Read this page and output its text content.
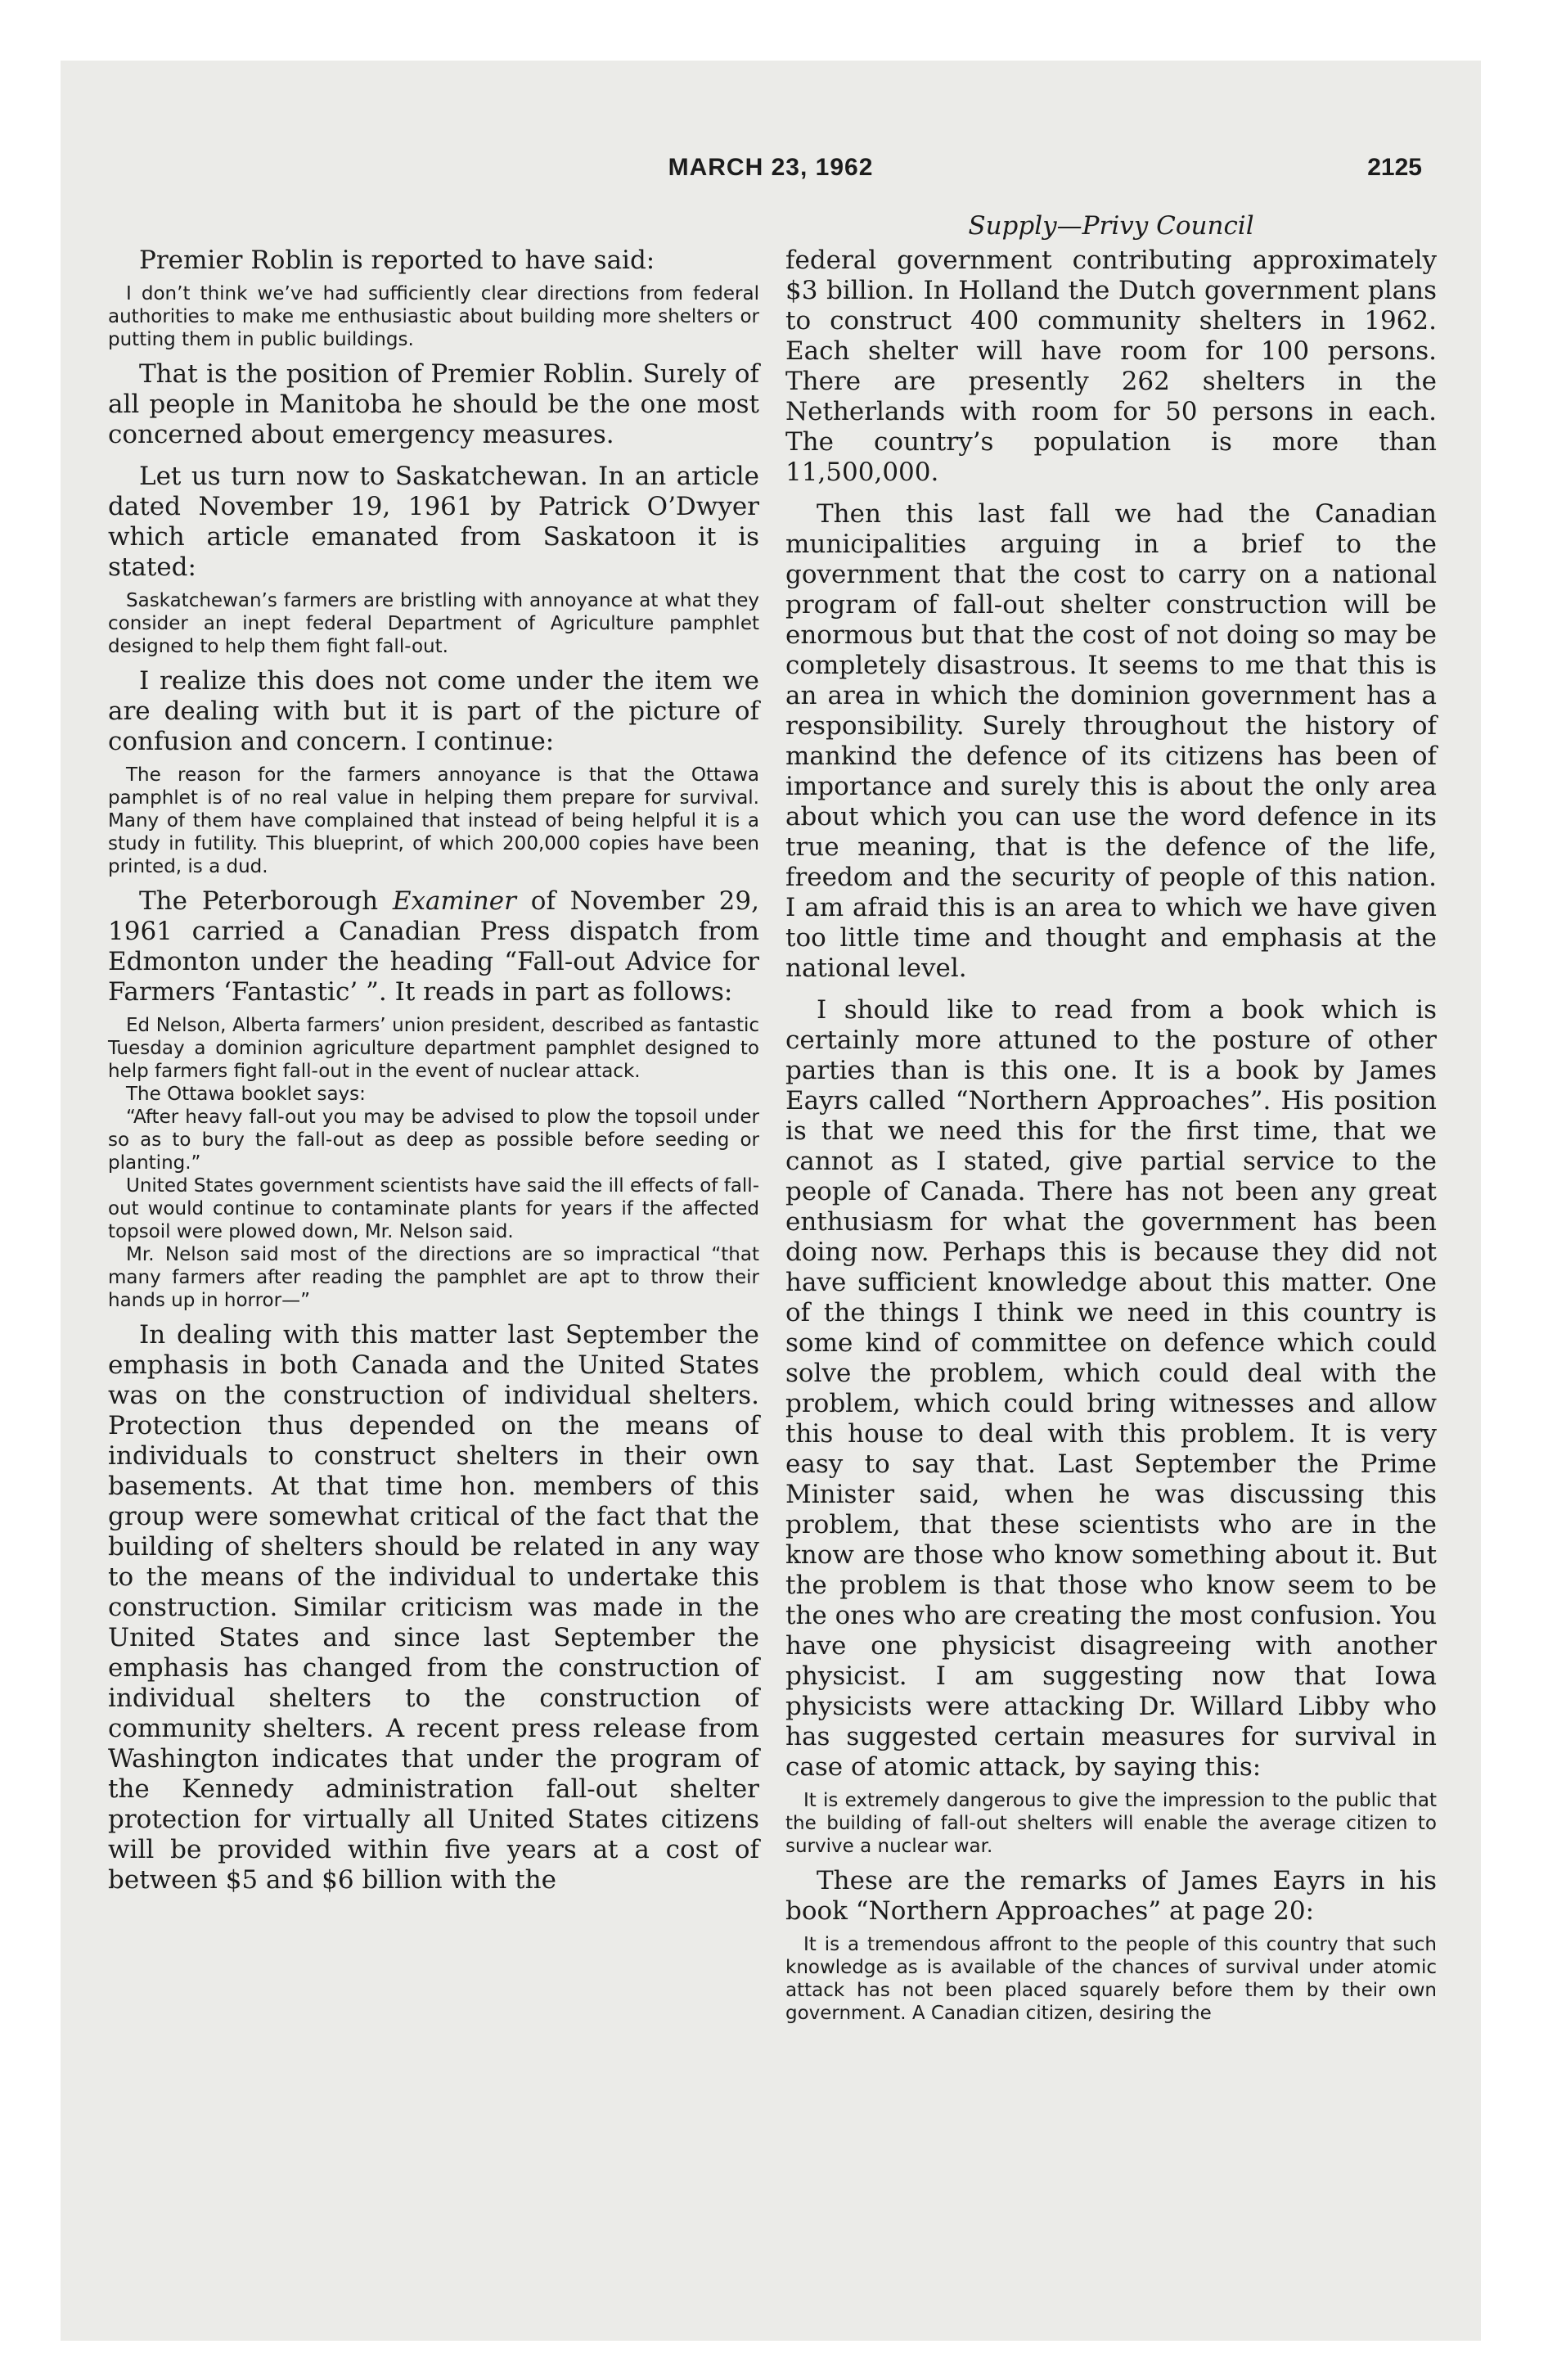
MARCH 23, 1962	2125
Supply—Privy Council

Premier Roblin is reported to have said:

I don’t think we’ve had sufficiently clear directions from federal authorities to make me enthusiastic about building more shelters or putting them in public buildings.

That is the position of Premier Roblin. Surely of all people in Manitoba he should be the one most concerned about emergency measures.

Let us turn now to Saskatchewan. In an article dated November 19, 1961 by Patrick O’Dwyer which article emanated from Saskatoon it is stated:

Saskatchewan’s farmers are bristling with annoyance at what they consider an inept federal Department of Agriculture pamphlet designed to help them fight fall-out.

I realize this does not come under the item we are dealing with but it is part of the picture of confusion and concern. I continue:

The reason for the farmers annoyance is that the Ottawa pamphlet is of no real value in helping them prepare for survival. Many of them have complained that instead of being helpful it is a study in futility. This blueprint, of which 200,000 copies have been printed, is a dud.

The Peterborough Examiner of November 29, 1961 carried a Canadian Press dispatch from Edmonton under the heading “Fall-out Advice for Farmers ‘Fantastic’ ”. It reads in part as follows:

Ed Nelson, Alberta farmers’ union president, described as fantastic Tuesday a dominion agriculture department pamphlet designed to help farmers fight fall-out in the event of nuclear attack.

The Ottawa booklet says:

“After heavy fall-out you may be advised to plow the topsoil under so as to bury the fall-out as deep as possible before seeding or planting.”

United States government scientists have said the ill effects of fall-out would continue to contaminate plants for years if the affected topsoil were plowed down, Mr. Nelson said.

Mr. Nelson said most of the directions are so impractical “that many farmers after reading the pamphlet are apt to throw their hands up in horror—”

In dealing with this matter last September the emphasis in both Canada and the United States was on the construction of individual shelters. Protection thus depended on the means of individuals to construct shelters in their own basements. At that time hon. members of this group were somewhat critical of the fact that the building of shelters should be related in any way to the means of the individual to undertake this construction. Similar criticism was made in the United States and since last September the emphasis has changed from the construction of individual shelters to the construction of community shelters. A recent press release from Washington indicates that under the program of the Kennedy administration fall-out shelter protection for virtually all United States citizens will be provided within five years at a cost of between $5 and $6 billion with the

federal government contributing approximately $3 billion. In Holland the Dutch government plans to construct 400 community shelters in 1962. Each shelter will have room for 100 persons. There are presently 262 shelters in the Netherlands with room for 50 persons in each. The country’s population is more than 11,500,000.

Then this last fall we had the Canadian municipalities arguing in a brief to the government that the cost to carry on a national program of fall-out shelter construction will be enormous but that the cost of not doing so may be completely disastrous. It seems to me that this is an area in which the dominion government has a responsibility. Surely throughout the history of mankind the defence of its citizens has been of importance and surely this is about the only area about which you can use the word defence in its true meaning, that is the defence of the life, freedom and the security of people of this nation. I am afraid this is an area to which we have given too little time and thought and emphasis at the national level.

I should like to read from a book which is certainly more attuned to the posture of other parties than is this one. It is a book by James Eayrs called “Northern Approaches”. His position is that we need this for the first time, that we cannot as I stated, give partial service to the people of Canada. There has not been any great enthusiasm for what the government has been doing now. Perhaps this is because they did not have sufficient knowledge about this matter. One of the things I think we need in this country is some kind of committee on defence which could solve the problem, which could deal with the problem, which could bring witnesses and allow this house to deal with this problem. It is very easy to say that. Last September the Prime Minister said, when he was discussing this problem, that these scientists who are in the know are those who know something about it. But the problem is that those who know seem to be the ones who are creating the most confusion. You have one physicist disagreeing with another physicist. I am suggesting now that Iowa physicists were attacking Dr. Willard Libby who has suggested certain measures for survival in case of atomic attack, by saying this:

It is extremely dangerous to give the impression to the public that the building of fall-out shelters will enable the average citizen to survive a nuclear war.

These are the remarks of James Eayrs in his book “Northern Approaches” at page 20:

It is a tremendous affront to the people of this country that such knowledge as is available of the chances of survival under atomic attack has not been placed squarely before them by their own government. A Canadian citizen, desiring the
